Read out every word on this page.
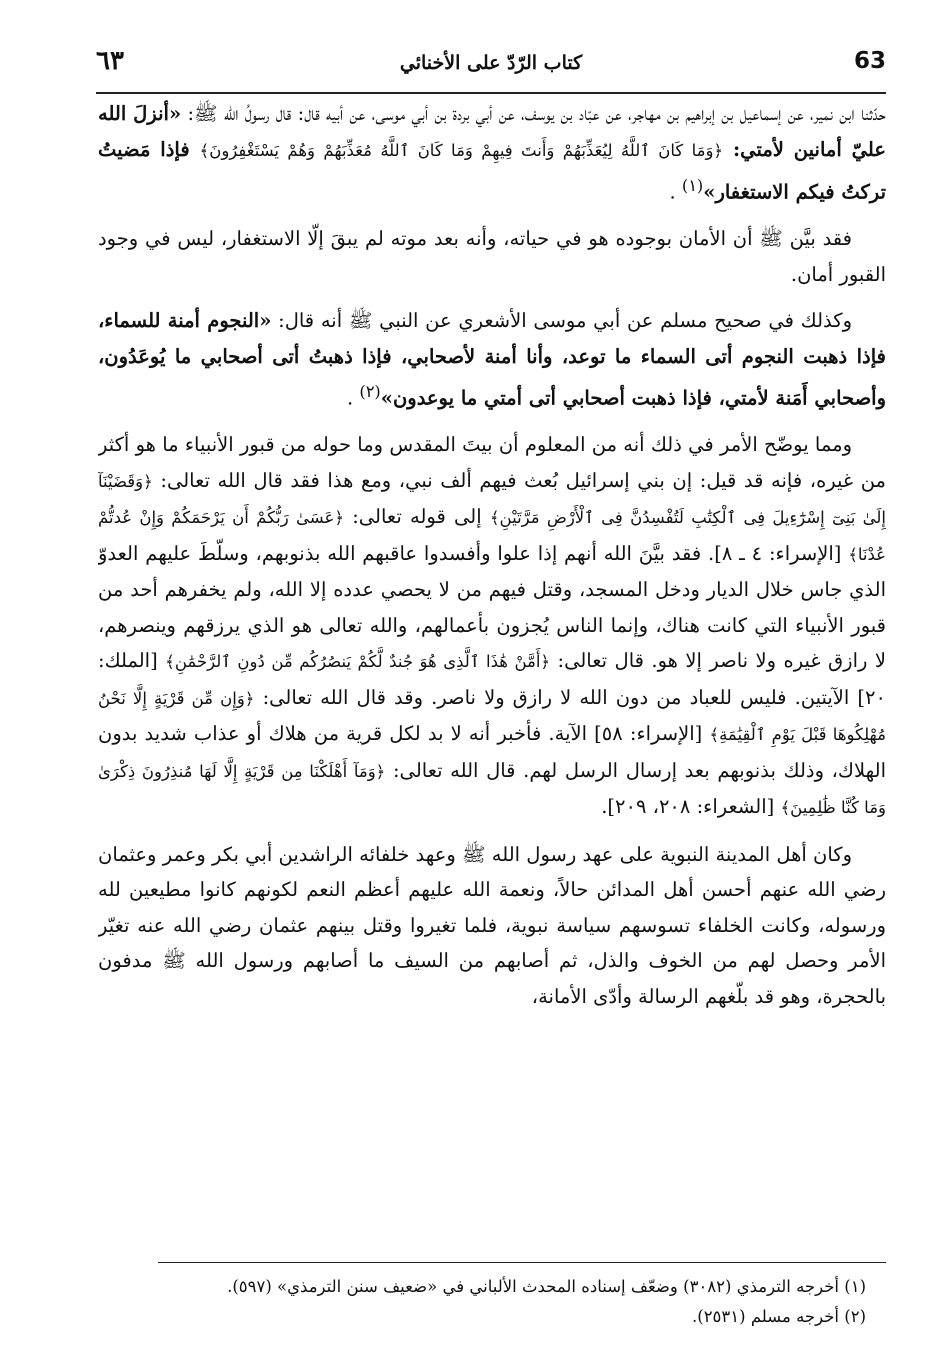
٦٣	كتاب الرّدّ على الأخنائي	63

حدّثنا ابن نمير، عن إسماعيل بن إبراهيم بن مهاجر، عن عبّاد بن يوسف، عن أبي بردة بن أبي موسى، عن أبيه قال: قال رسولُ الله ﷺ: «أنزلَ الله عليّ أمانين لأمتي: ﴿وَمَا كَانَ ٱللَّهُ لِيُعَذِّبَهُمْ وَأَنتَ فِيهِمْ وَمَا كَانَ ٱللَّهُ مُعَذِّبَهُمْ وَهُمْ يَسْتَغْفِرُونَ﴾ فإذا مَضيتُ تركتُ فيكم الاستغفار»$^{(١)}$ .

فقد بيَّن ﷺ أن الأمان بوجوده هو في حياته، وأنه بعد موته لم يبقَ إلّا الاستغفار، ليس في وجود القبور أمان.

وكذلك في صحيح مسلم عن أبي موسى الأشعري عن النبي ﷺ أنه قال: «النجوم أمنة للسماء، فإذا ذهبت النجوم أتى السماء ما توعد، وأنا أمنة لأصحابي، فإذا ذهبتُ أتى أصحابي ما يُوعَدُون، وأصحابي أَمَنة لأمتي، فإذا ذهبت أصحابي أتى أمتي ما يوعدون»$^{(٢)}$ .

ومما يوضّح الأمر في ذلك أنه من المعلوم أن بيتَ المقدس وما حوله من قبور الأنبياء ما هو أكثر من غيره، فإنه قد قيل: إن بني إسرائيل بُعث فيهم ألف نبي، ومع هذا فقد قال الله تعالى: ﴿وَقَضَيْنَآ إِلَىٰ بَنِىٓ إِسْرَٰٓءِيلَ فِى ٱلْكِتَٰبِ لَتُفْسِدُنَّ فِى ٱلْأَرْضِ مَرَّتَيْنِ﴾ إلى قوله تعالى: ﴿عَسَىٰ رَبُّكُمْ أَن يَرْحَمَكُمْ وَإِنْ عُدتُّمْ عُدْنَا﴾ [الإسراء: ٤ ـ ٨]. فقد بيَّنَ الله أنهم إذا علوا وأفسدوا عاقبهم الله بذنوبهم، وسلّطَ عليهم العدوّ الذي جاس خلال الديار ودخل المسجد، وقتل فيهم من لا يحصي عدده إلا الله، ولم يخفرهم أحد من قبور الأنبياء التي كانت هناك، وإنما الناس يُجزون بأعمالهم، والله تعالى هو الذي يرزقهم وينصرهم، لا رازق غيره ولا ناصر إلا هو. قال تعالى: ﴿أَمَّنْ هَٰذَا ٱلَّذِى هُوَ جُندٌ لَّكُمْ يَنصُرُكُم مِّن دُونِ ٱلرَّحْمَٰنِ﴾ [الملك: ٢٠] الآيتين. فليس للعباد من دون الله لا رازق ولا ناصر. وقد قال الله تعالى: ﴿وَإِن مِّن قَرْيَةٍ إِلَّا نَحْنُ مُهْلِكُوهَا قَبْلَ يَوْمِ ٱلْقِيَٰمَةِ﴾ [الإسراء: ٥٨] الآية. فأخبر أنه لا بد لكل قرية من هلاك أو عذاب شديد بدون الهلاك، وذلك بذنوبهم بعد إرسال الرسل لهم. قال الله تعالى: ﴿وَمَآ أَهْلَكْنَا مِن قَرْيَةٍ إِلَّا لَهَا مُنذِرُونَ ذِكْرَىٰ وَمَا كُنَّا ظَٰلِمِينَ﴾ [الشعراء: ٢٠٨، ٢٠٩].

وكان أهل المدينة النبوية على عهد رسول الله ﷺ وعهد خلفائه الراشدين أبي بكر وعمر وعثمان رضي الله عنهم أحسن أهل المدائن حالاً، ونعمة الله عليهم أعظم النعم لكونهم كانوا مطيعين لله ورسوله، وكانت الخلفاء تسوسهم سياسة نبوية، فلما تغيروا وقتل بينهم عثمان رضي الله عنه تغيّر الأمر وحصل لهم من الخوف والذل، ثم أصابهم من السيف ما أصابهم ورسول الله ﷺ مدفون بالحجرة، وهو قد بلّغهم الرسالة وأدّى الأمانة،

(١) أخرجه الترمذي (٣٠٨٢) وضعّف إسناده المحدث الألباني في «ضعيف سنن الترمذي» (٥٩٧).
(٢) أخرجه مسلم (٢٥٣١).
